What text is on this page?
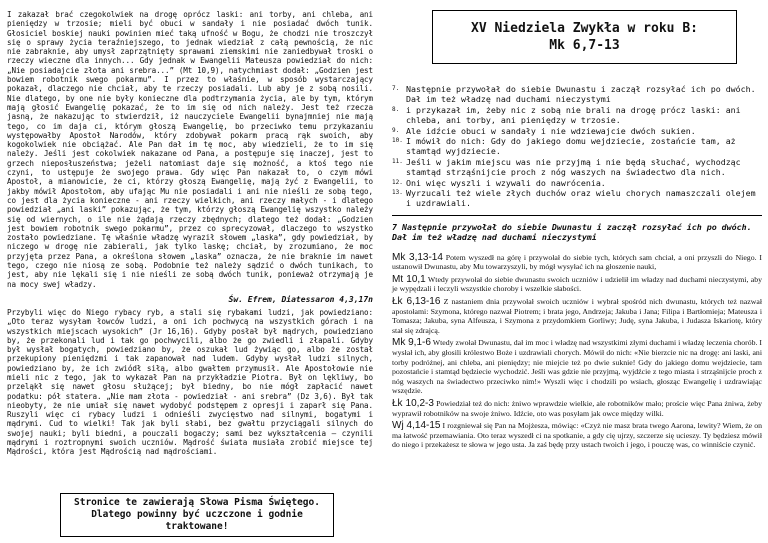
I zakazał brać czegokolwiek na drogę oprócz laski: ani torby, ani chleba, ani pieniędzy w trzosie; mieli być obuci w sandały i nie posiadać dwóch tunik. Głosiciel boskiej nauki powinien mieć taką ufność w Bogu, że chodzi nie troszczył się o sprawy życia teraźniejszego, to jednak wiedział z całą pewnością, że nic nie zabraknie, aby umysł zaprzątnięty sprawami ziemskimi nie zaniedbywał troski o rzeczy wieczne dla innych... Gdy jednak w Ewangelii Mateusza powiedział do nich: „Nie posiadajcie złota ani srebra...” (Mt 10,9), natychmiast dodał: „Godzien jest bowiem robotnik swego pokarmu”. I przez to właśnie, w sposób wystarczający pokazał, dlaczego nie chciał, aby te rzeczy posiadali. Lub aby je z sobą nosili. Nie dlatego, by one nie były konieczne dla podtrzymania życia, ale by tym, którym mają głosić Ewangelię pokazać, że to im się od nich należy. Jest też rzecza jasną, że nakazując to stwierdził, iż nauczyciele Ewangelii bynajmniej nie mają tego, co im daja ci, którym głoszą Ewangelię, bo przeciwko temu przykazaniu występowałby Apostoł Narodów, który zdobywał pokarm pracą rąk swoich, aby kogokolwiek nie obciążać. Ale Pan dał im tę moc, aby wiedzieli, że to im się należy. Jeśli jest cokolwiek nakazane od Pana, a postępuje się inaczej, jest to grzech nieposłuszeństwa; jeżeli natomiast daje się możność, a ktoś tego nie czyni, to ustępuje że swojego prawa. Gdy więc Pan nakazał to, o czym mówi Apostoł, a mianowicie, że ci, którzy głoszą Ewangelię, mają żyć z Ewangelii, to jakby mówił Apostołom, aby ufając Mu nie posiadali i ani nie nieśli ze sobą tego, co jest dla życia konieczne - ani rzeczy wielkich, ani rzeczy małych - i dlatego powiedział „ani laski” pokazując, że tym, którzy głoszą Ewangelię wszystko należy się od wiernych, o ile nie żądają rzeczy zbędnych; dlatego też dodał: „Godzien jest bowiem robotnik swego pokarmu”, przez co sprecyzował, dlaczego to wszystko zostało powiedziane. Tę właśnie władzę wyraził słowem „laska”, gdy powiedział, by niczego w drogę nie zabierali, jak tylko laskę; chciał, by zrozumiano, że moc przyjęta przez Pana, a określona słowem „laska” oznacza, że nie braknie im nawet tego, czego nie niosą ze sobą. Podobnie też należy sądzić o dwóch tunikach, to jest, aby nie lękali się i nie nieśli ze sobą dwóch tunik, ponieważ otrzymają je na mocy swej władzy.

Św. Efrem, Diatessaron 4,3,17n

Przybyli więc do Niego rybacy ryb, a stali się rybakami ludzi, jak powiedziano: „Oto teraz wysyłam łowców ludzi, a oni ich pochwycą na wszystkich górach i na wszystkich miejscach wysokich” (Jr 16,16). Gdyby posłał był mądrych, powiedziano by, że przekonali lud i tak go pochwycili, albo że go zwiedli i złapali. Gdyby był wysłał bogatych, powiedziano by, że oszukał lud żywiąc go, albo że został przekupiony pieniędzmi i tak zapanował nad ludem. Gdyby wysłał ludzi silnych, powiedziano by, że ich zwiódł siłą, albo gwałtem przymusił. Ale Apostołowie nie mieli nic z tego, jak to wykazał Pan na przykładzie Piotra. Był on lękliwy, bo przeląkł się nawet głosu służącej; był biedny, bo nie mógł zapłacić nawet podatku: pół statera. „Nie mam złota - powiedział - ani srebra” (Dz 3,6). Był tak nieobyty, że nie umiał się nawet wydobyć podstępem z opresji i zaparł się Pana. Ruszyli więc ci rybacy ludzi i odnieśli zwycięstwo nad silnymi, bogatymi i mądrymi. Cud to wielki! Tak jak byli słabi, bez gwałtu przyciągali silnych do swojej nauki; byli biedni, a pouczali bogaczy; sami bez wykształcenia – czynili mądrymi i roztropnymi swoich uczniów. Mądrość świata musiała zrobić miejsce tej Mądrości, która jest Mądrością nad mądrościami.

Stronice te zawierają Słowa Pisma Świętego.
Dlatego powinny być uczczone i godnie traktowane!
XV Niedziela Zwykła w roku B:
Mk 6,7-13
7. Następnie przywołał do siebie Dwunastu i zaczął rozsyłać ich po dwóch. Dał im też władzę nad duchami nieczystymi
8. i przykazał im, żeby nic z sobą nie brali na drogę prócz laski: ani chleba, ani torby, ani pieniędzy w trzosie.
9. Ale idźcie obuci w sandały i nie wdziewajcie dwóch sukien.
10. I mówił do nich: Gdy do jakiego domu wejdziecie, zostańcie tam, aż stamtąd wyjdziecie.
11. Jeśli w jakim miejscu was nie przyjmą i nie będą słuchać, wychodząc stamtąd strząśnijcie proch z nóg waszych na świadectwo dla nich.
12. Oni więc wyszli i wzywali do nawrócenia.
13. Wyrzucali też wiele złych duchów oraz wielu chorych namaszczali olejem i uzdrawiali.
7 Następnie przywołał do siebie Dwunastu i zaczął rozsyłać ich po dwóch. Dał im też władzę nad duchami nieczystymi

Mk 3,13-14 Potem wyszedł na górę i przywołał do siebie tych, których sam chciał, a oni przyszli do Niego. I ustanowił Dwunastu, aby Mu towarzyszyli, by mógł wysyłać ich na głoszenie nauki,

Mt 10,1 Wtedy przywołał do siebie dwunastu swoich uczniów i udzielił im władzy nad duchami nieczystymi, aby je wypędzali i leczyli wszystkie choroby i wszelkie słabości.

Łk 6,13-16 Z nastaniem dnia przywołał swoich uczniów i wybrał spośród nich dwunastu, których też nazwał apostołami: Szymona, którego nazwał Piotrem; i brata jego, Andrzeja; Jakuba i Jana; Filipa i Bartłomieja; Mateusza i Tomasza; Jakuba, syna Alfeusza, i Szymona z przydomkiem Gorliwy; Judę, syna Jakuba, i Judasza Iskariotę, który stał się zdrajcą.

Mk 9,1-6 Wtedy zwołał Dwunastu, dał im moc i władzę nad wszystkimi złymi duchami i władzę leczenia chorób. I wysłał ich, aby głosili królestwo Boże i uzdrawiali chorych. Mówił do nich: «Nie bierzcie nic na drogę: ani laski, ani torby podróżnej, ani chleba, ani pieniędzy; nie miejcie też po dwie suknie! Gdy do jakiego domu wejdziecie, tam pozostańcie i stamtąd będziecie wychodzić. Jeśli was gdzie nie przyjmą, wyjdźcie z tego miasta i strząśnijcie proch z nóg waszych na świadectwo przeciwko nim!» Wyszli więc i chodzili po wsiach, głosząc Ewangelię i uzdrawiając wszędzie.

Łk 10,2-3 Powiedział też do nich: żniwo wprawdzie wielkie, ale robotników mało; proście więc Pana żniwa, żeby wyprawił robotników na swoje żniwo. Idźcie, oto was posyłam jak owce między wilki.

Wj 4,14-15 I rozgniewał się Pan na Mojżesza, mówiąc: «Czyż nie masz brata twego Aarona, lewity? Wiem, że on ma łatwość przemawiania. Oto teraz wyszedł ci na spotkanie, a gdy cię ujrzy, szczerze się ucieszy. Ty będziesz mówił do niego i przekażesz te słowa w jego usta. Ja zaś będę przy ustach twoich i jego, i pouczę was, co winniście czynić.
